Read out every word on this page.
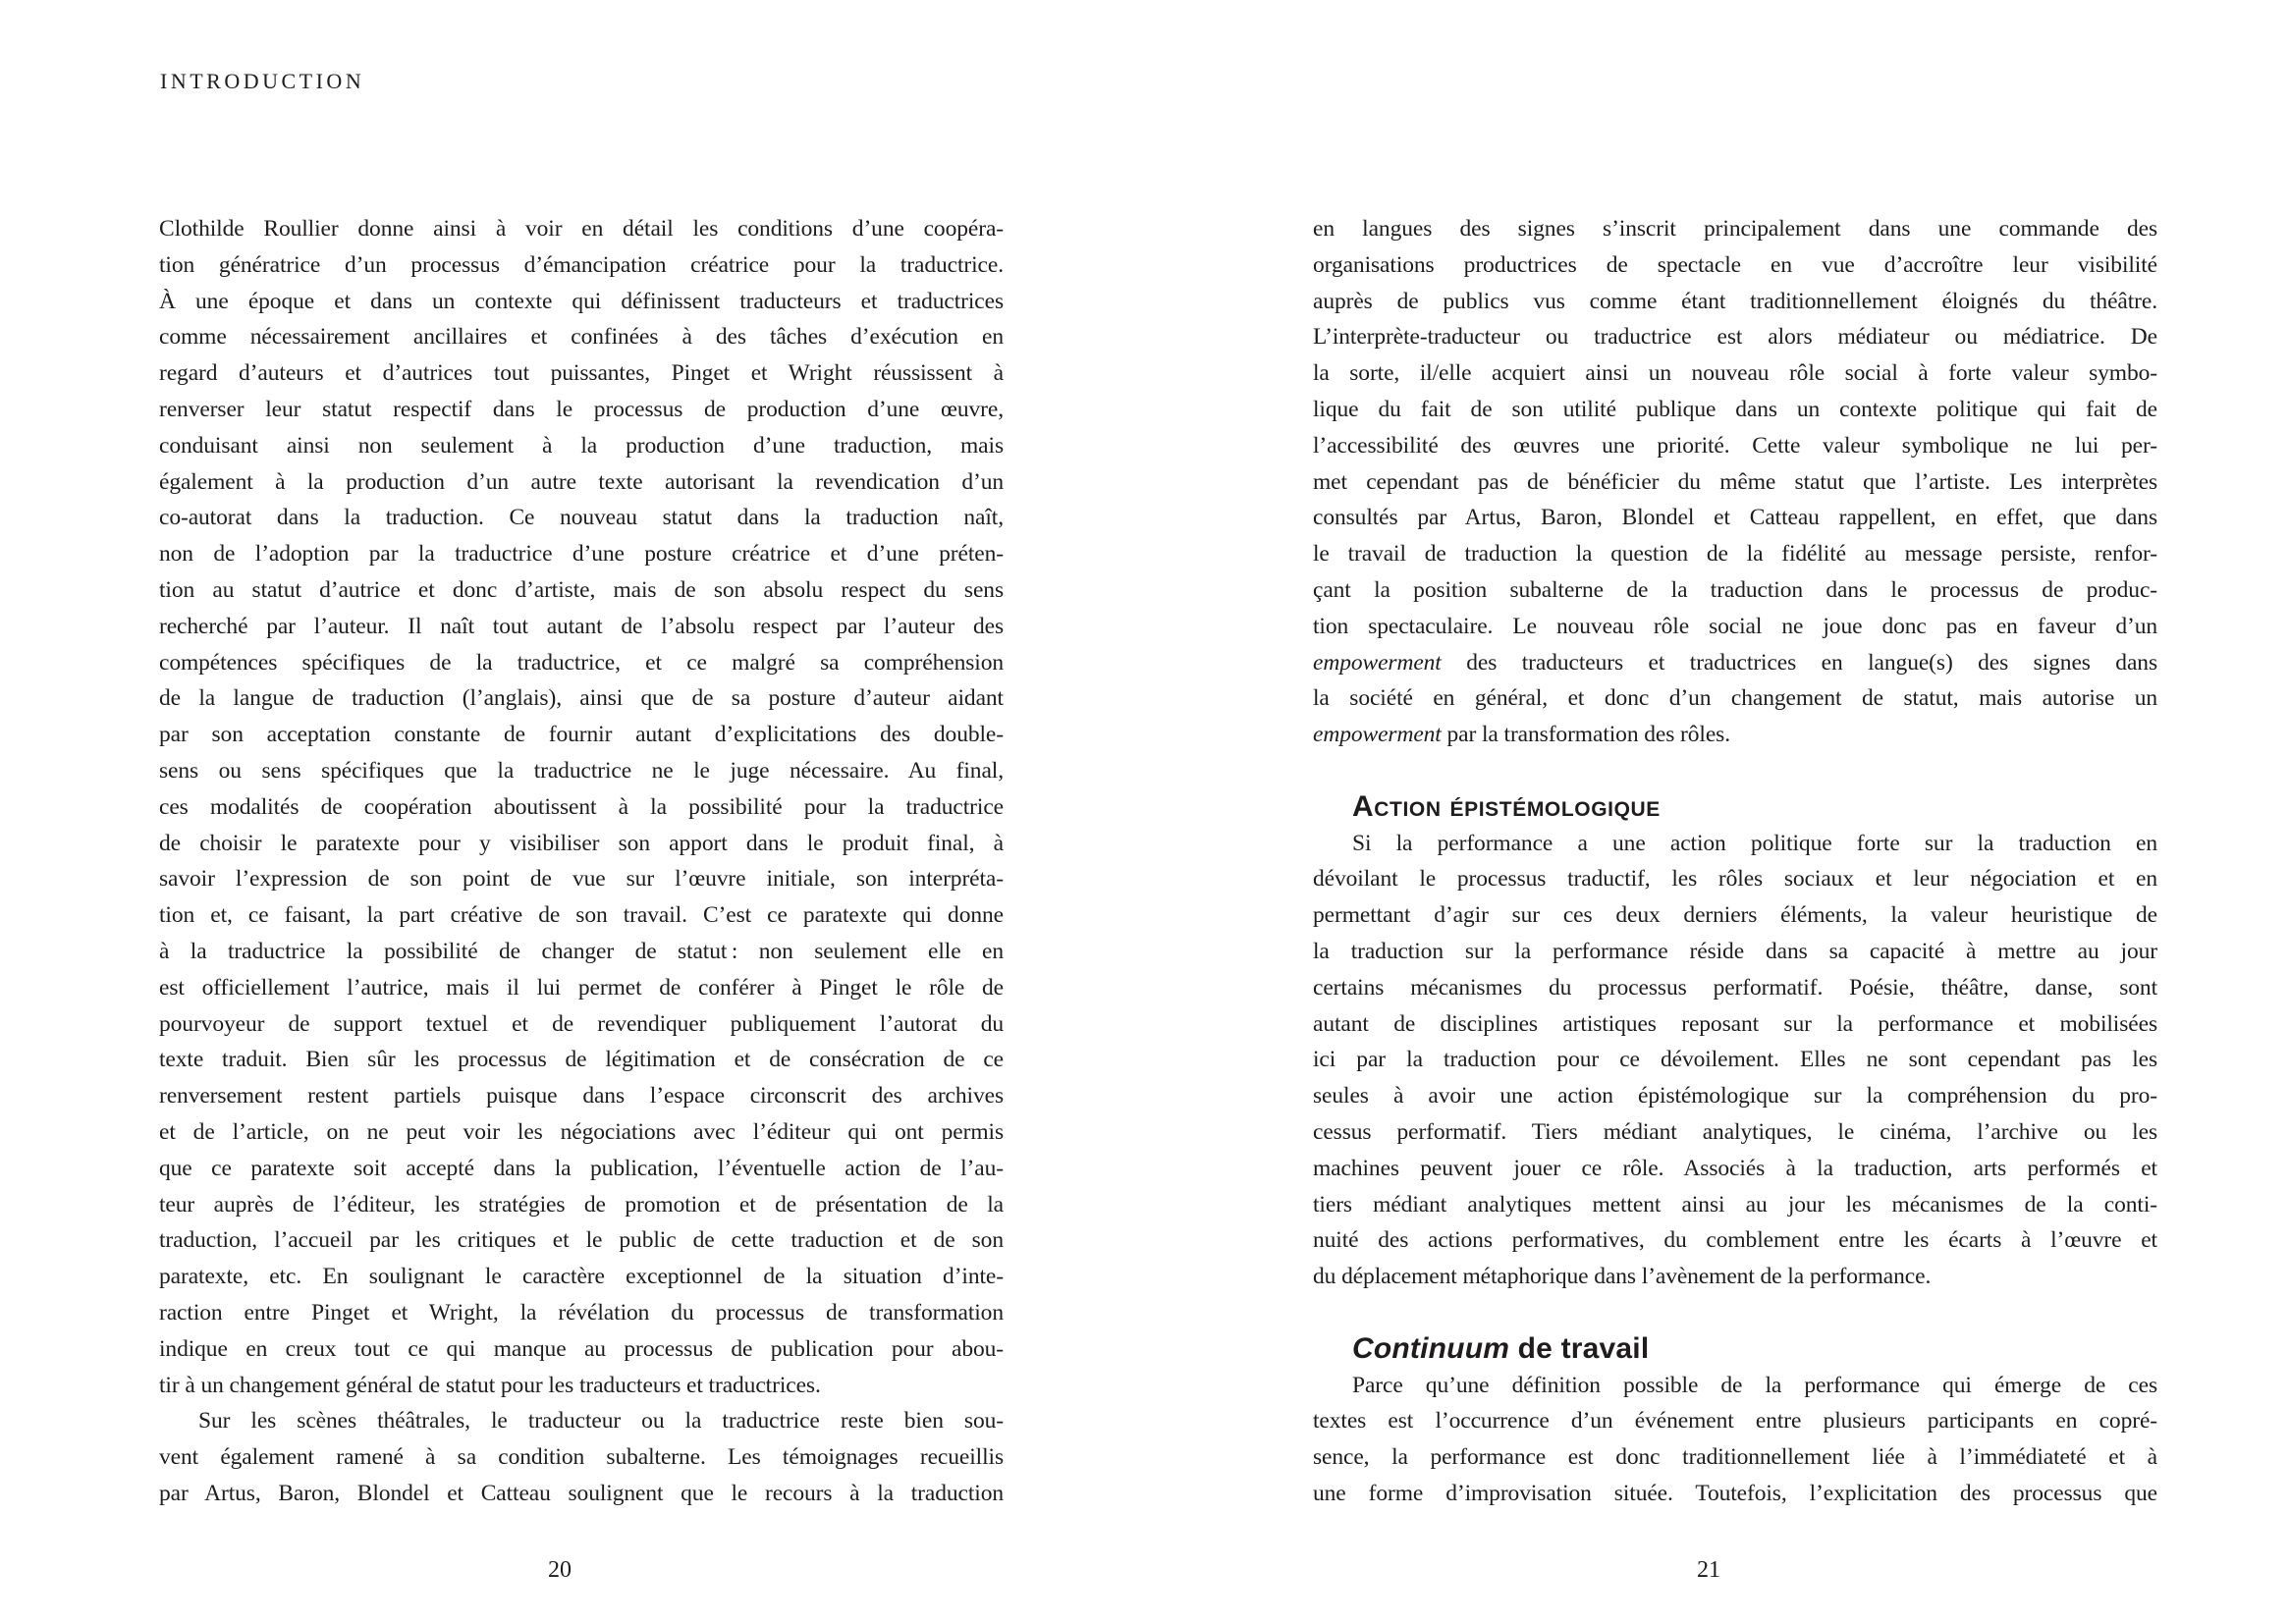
INTRODUCTION
Clothilde Roullier donne ainsi à voir en détail les conditions d’une coopéra-
tion génératrice d’un processus d’émancipation créatrice pour la traductrice.
À une époque et dans un contexte qui définissent traducteurs et traductrices
comme nécessairement ancillaires et confinées à des tâches d’exécution en
regard d’auteurs et d’autrices tout puissantes, Pinget et Wright réussissent à
renverser leur statut respectif dans le processus de production d’une œuvre,
conduisant ainsi non seulement à la production d’une traduction, mais
également à la production d’un autre texte autorisant la revendication d’un
co-autorat dans la traduction. Ce nouveau statut dans la traduction naît,
non de l’adoption par la traductrice d’une posture créatrice et d’une préten-
tion au statut d’autrice et donc d’artiste, mais de son absolu respect du sens
recherché par l’auteur. Il naît tout autant de l’absolu respect par l’auteur des
compétences spécifiques de la traductrice, et ce malgré sa compréhension
de la langue de traduction (l’anglais), ainsi que de sa posture d’auteur aidant
par son acceptation constante de fournir autant d’explicitations des double-
sens ou sens spécifiques que la traductrice ne le juge nécessaire. Au final,
ces modalités de coopération aboutissent à la possibilité pour la traductrice
de choisir le paratexte pour y visibiliser son apport dans le produit final, à
savoir l’expression de son point de vue sur l’œuvre initiale, son interpréta-
tion et, ce faisant, la part créative de son travail. C’est ce paratexte qui donne
à la traductrice la possibilité de changer de statut : non seulement elle en
est officiellement l’autrice, mais il lui permet de conférer à Pinget le rôle de
pourvoyeur de support textuel et de revendiquer publiquement l’autorat du
texte traduit. Bien sûr les processus de légitimation et de consécration de ce
renversement restent partiels puisque dans l’espace circonscrit des archives
et de l’article, on ne peut voir les négociations avec l’éditeur qui ont permis
que ce paratexte soit accepté dans la publication, l’éventuelle action de l’au-
teur auprès de l’éditeur, les stratégies de promotion et de présentation de la
traduction, l’accueil par les critiques et le public de cette traduction et de son
paratexte, etc. En soulignant le caractère exceptionnel de la situation d’inte-
raction entre Pinget et Wright, la révélation du processus de transformation
indique en creux tout ce qui manque au processus de publication pour abou-
tir à un changement général de statut pour les traducteurs et traductrices.
Sur les scènes théâtrales, le traducteur ou la traductrice reste bien sou-
vent également ramené à sa condition subalterne. Les témoignages recueillis
par Artus, Baron, Blondel et Catteau soulignent que le recours à la traduction
en langues des signes s’inscrit principalement dans une commande des
organisations productrices de spectacle en vue d’accroître leur visibilité
auprès de publics vus comme étant traditionnellement éloignés du théâtre.
L’interprète-traducteur ou traductrice est alors médiateur ou médiatrice. De
la sorte, il/elle acquiert ainsi un nouveau rôle social à forte valeur symbo-
lique du fait de son utilité publique dans un contexte politique qui fait de
l’accessibilité des œuvres une priorité. Cette valeur symbolique ne lui per-
met cependant pas de bénéficier du même statut que l’artiste. Les interprètes
consultés par Artus, Baron, Blondel et Catteau rappellent, en effet, que dans
le travail de traduction la question de la fidélité au message persiste, renfor-
çant la position subalterne de la traduction dans le processus de produc-
tion spectaculaire. Le nouveau rôle social ne joue donc pas en faveur d’un
empowerment des traducteurs et traductrices en langue(s) des signes dans
la société en général, et donc d’un changement de statut, mais autorise un
empowerment par la transformation des rôles.
Action épistémologique
Si la performance a une action politique forte sur la traduction en
dévoilant le processus traductif, les rôles sociaux et leur négociation et en
permettant d’agir sur ces deux derniers éléments, la valeur heuristique de
la traduction sur la performance réside dans sa capacité à mettre au jour
certains mécanismes du processus performatif. Poésie, théâtre, danse, sont
autant de disciplines artistiques reposant sur la performance et mobilisées
ici par la traduction pour ce dévoilement. Elles ne sont cependant pas les
seules à avoir une action épistémologique sur la compréhension du pro-
cessus performatif. Tiers médiant analytiques, le cinéma, l’archive ou les
machines peuvent jouer ce rôle. Associés à la traduction, arts performés et
tiers médiant analytiques mettent ainsi au jour les mécanismes de la conti-
nuité des actions performatives, du comblement entre les écarts à l’œuvre et
du déplacement métaphorique dans l’avènement de la performance.
Continuum de travail
Parce qu’une définition possible de la performance qui émerge de ces
textes est l’occurrence d’un événement entre plusieurs participants en copré-
sence, la performance est donc traditionnellement liée à l’immédiateté et à
une forme d’improvisation située. Toutefois, l’explicitation des processus que
20	21
